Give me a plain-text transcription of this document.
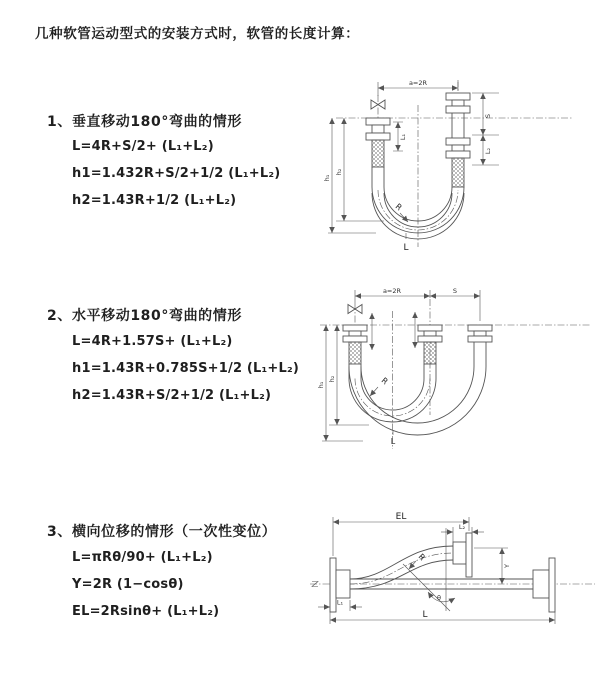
几种软管运动型式的安装方式时，软管的长度计算：
1、垂直移动180°弯曲的情形
L=4R+S/2+ (L₁+L₂)
h1=1.432R+S/2+1/2 (L₁+L₂)
h2=1.43R+1/2 (L₁+L₂)
a=2R
S
L₂
L₁
h₁
h₂
R
L
2、水平移动180°弯曲的情形
L=4R+1.57S+ (L₁+L₂)
h1=1.43R+0.785S+1/2 (L₁+L₂)
h2=1.43R+S/2+1/2 (L₁+L₂)
a=2R	S
h₁
h₂	R
L
3、横向位移的情形（一次性变位）
L=πRθ/90+ (L₁+L₂)
Y=2R (1−cosθ)
EL=2Rsinθ+ (L₁+L₂)
EL
L₂
Y
R
θ
L
L₁
